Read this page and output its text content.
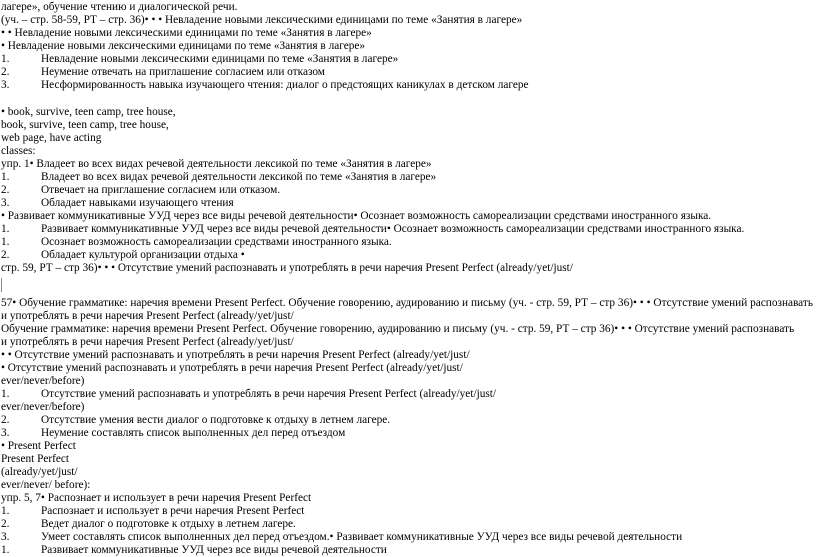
лагере», обучение чтению и диалогической речи.
(уч. – стр. 58-59, РТ – стр. 36)• • • Невладение новыми лексическими единицами по теме «Занятия в лагере»
• • Невладение новыми лексическими единицами по теме «Занятия в лагере»
• Невладение новыми лексическими единицами по теме «Занятия в лагере»
1.	Невладение новыми лексическими единицами по теме «Занятия в лагере»
2.	Неумение отвечать на приглашение согласием или отказом
3.	Несформированность навыка изучающего чтения: диалог о предстоящих каникулах в детском лагере
• book, survive, teen camp, tree house,
book, survive, teen camp, tree house,
web page, have acting
classes:
упр. 1• Владеет во всех видах речевой деятельности лексикой по теме «Занятия в лагере»
1.	Владеет во всех видах речевой деятельности лексикой по теме «Занятия в лагере»
2.	Отвечает на приглашение согласием или отказом.
3.	Обладает навыками изучающего чтения
• Развивает коммуникативные УУД через все виды речевой деятельности• Осознает возможность самореализации средствами иностранного языка.
1.	Развивает коммуникативные УУД через все виды речевой деятельности• Осознает возможность самореализации средствами иностранного языка.
1.	Осознает возможность самореализации средствами иностранного языка.
2.	Обладает культурой организации отдыха •
стр. 59, РТ – стр 36)• • • Отсутствие умений распознавать и употреблять в речи наречия Present Perfect (already/yet/just/
57• Обучение грамматике: наречия времени Present Perfect. Обучение говорению, аудированию и письму (уч. - стр. 59, РТ – стр 36)• • • Отсутствие умений распознавать и употреблять в речи наречия Present Perfect (already/yet/just/
Обучение грамматике: наречия времени Present Perfect. Обучение говорению, аудированию и письму (уч. - стр. 59, РТ – стр 36)• • • Отсутствие умений распознавать
и употреблять в речи наречия Present Perfect (already/yet/just/
• • Отсутствие умений распознавать и употреблять в речи наречия Present Perfect (already/yet/just/
• Отсутствие умений распознавать и употреблять в речи наречия Present Perfect (already/yet/just/
ever/never/before)
1.	Отсутствие умений распознавать и употреблять в речи наречия Present Perfect (already/yet/just/
ever/never/before)
2.	Отсутствие умения вести диалог о подготовке к отдыху в летнем лагере.
3.	Неумение составлять список выполненных дел перед отъездом
• Present Perfect
Present Perfect
(already/yet/just/
ever/never/ before):
упр. 5, 7• Распознает и использует в речи наречия Present Perfect
1.	Распознает и использует в речи наречия Present Perfect
2.	Ведет диалог о подготовке к отдыху в летнем лагере.
3.	Умеет составлять список выполненных дел перед отъездом.• Развивает коммуникативные УУД через все виды речевой деятельности
1.	Развивает коммуникативные УУД через все виды речевой деятельности
